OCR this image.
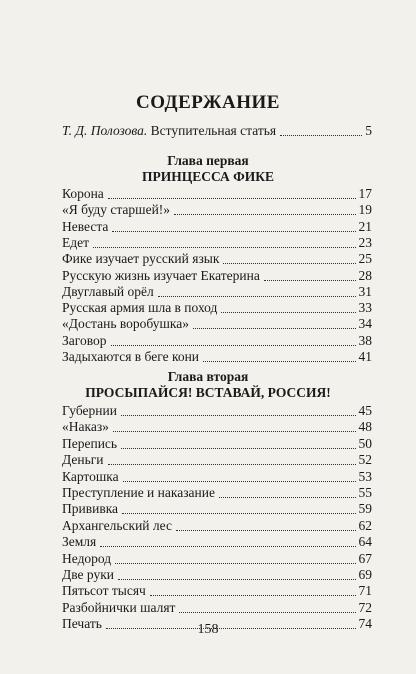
СОДЕРЖАНИЕ
Т. Д. Полозова. Вступительная статья	5
Глава первая
ПРИНЦЕССА ФИКЕ
Корона	17
«Я буду старшей!»	19
Невеста	21
Едет	23
Фике изучает русский язык	25
Русскую жизнь изучает Екатерина	28
Двуглавый орёл	31
Русская армия шла в поход	33
«Достань воробушка»	34
Заговор	38
Задыхаются в беге кони	41
Глава вторая
ПРОСЫПАЙСЯ! ВСТАВАЙ, РОССИЯ!
Губернии	45
«Наказ»	48
Перепись	50
Деньги	52
Картошка	53
Преступление и наказание	55
Прививка	59
Архангельский лес	62
Земля	64
Недород	67
Две руки	69
Пятьсот тысяч	71
Разбойнички шалят	72
Печать	74
158
